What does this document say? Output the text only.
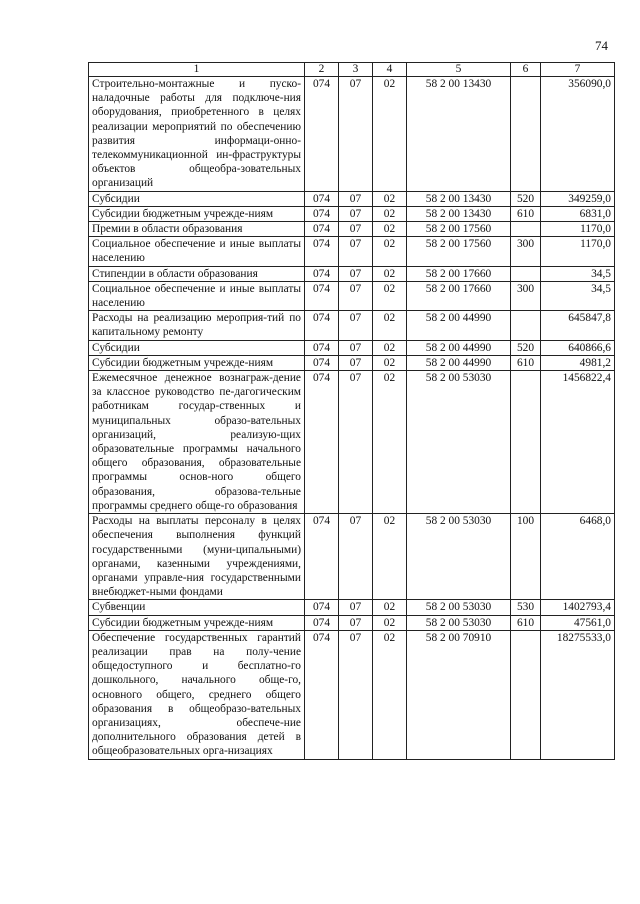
74
1	2	3	4	5	6	7
Строительно-монтажные и пуско-наладочные работы для подключе-ния оборудования, приобретенного в целях реализации мероприятий по обеспечению развития информаци-онно-телекоммуникационной ин-фраструктуры объектов общеобра-зовательных организаций	074	07	02	58 2 00 13430		356090,0
Субсидии	074	07	02	58 2 00 13430	520	349259,0
Субсидии бюджетным учрежде-ниям	074	07	02	58 2 00 13430	610	6831,0
Премии в области образования	074	07	02	58 2 00 17560		1170,0
Социальное обеспечение и иные выплаты населению	074	07	02	58 2 00 17560	300	1170,0
Стипендии в области образования	074	07	02	58 2 00 17660		34,5
Социальное обеспечение и иные выплаты населению	074	07	02	58 2 00 17660	300	34,5
Расходы на реализацию мероприя-тий по капитальному ремонту	074	07	02	58 2 00 44990		645847,8
Субсидии	074	07	02	58 2 00 44990	520	640866,6
Субсидии бюджетным учрежде-ниям	074	07	02	58 2 00 44990	610	4981,2
Ежемесячное денежное вознаграж-дение за классное руководство пе-дагогическим работникам государ-ственных и муниципальных образо-вательных организаций, реализую-щих образовательные программы начального общего образования, образовательные программы основ-ного общего образования, образова-тельные программы среднего обще-го образования	074	07	02	58 2 00 53030		1456822,4
Расходы на выплаты персоналу в целях обеспечения выполнения функций государственными (муни-ципальными) органами, казенными учреждениями, органами управле-ния государственными внебюджет-ными фондами	074	07	02	58 2 00 53030	100	6468,0
Субвенции	074	07	02	58 2 00 53030	530	1402793,4
Субсидии бюджетным учрежде-ниям	074	07	02	58 2 00 53030	610	47561,0
Обеспечение государственных гарантий реализации прав на полу-чение общедоступного и бесплатно-го дошкольного, начального обще-го, основного общего, среднего общего образования в общеобразо-вательных организациях, обеспече-ние дополнительного образования детей в общеобразовательных орга-низациях	074	07	02	58 2 00 70910		18275533,0
